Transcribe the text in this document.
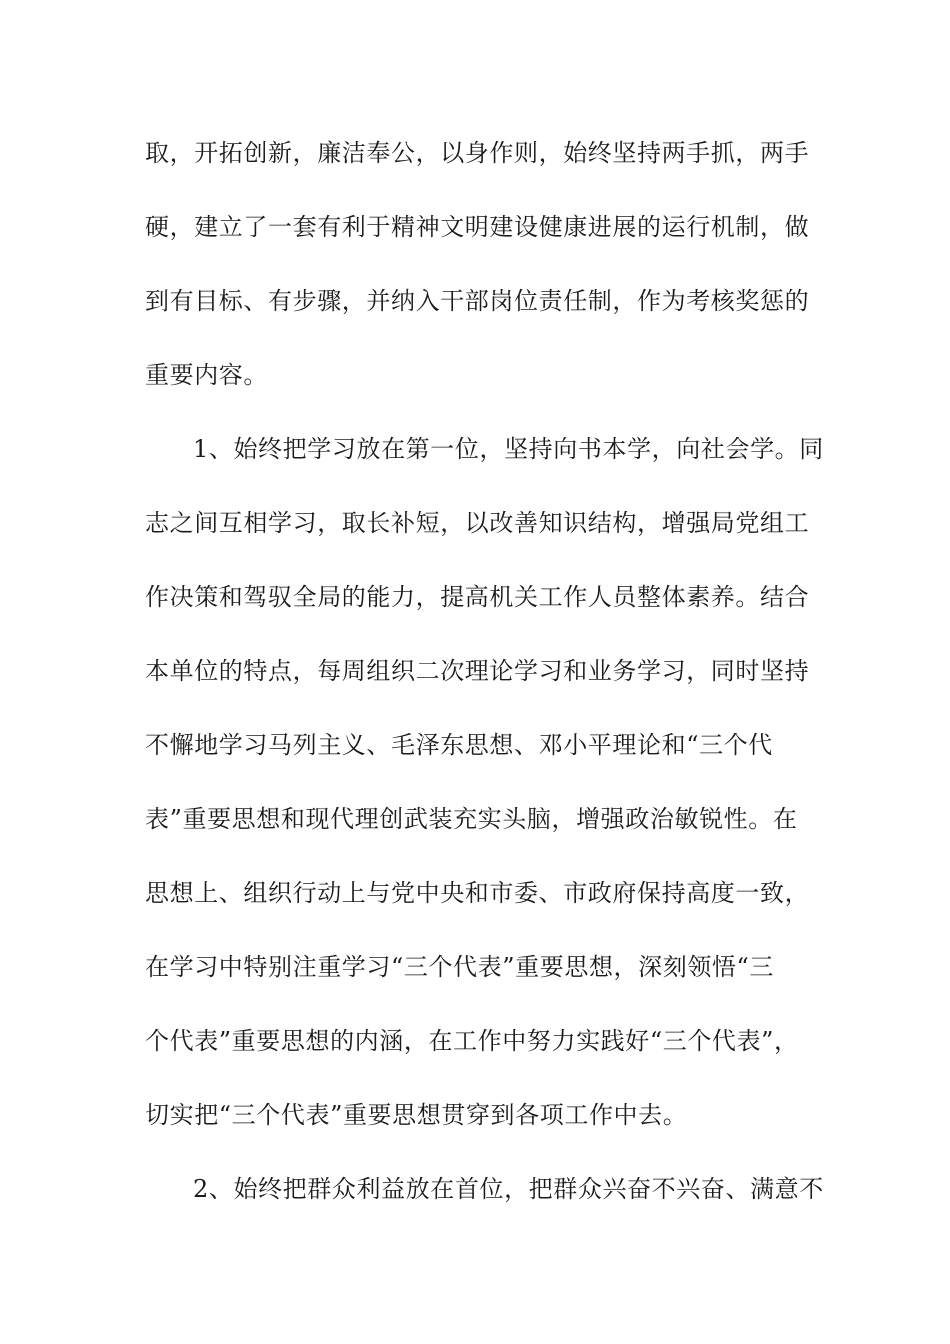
取，开拓创新，廉洁奉公，以身作则，始终坚持两手抓，两手
硬，建立了一套有利于精神文明建设健康进展的运行机制，做
到有目标、有步骤，并纳入干部岗位责任制，作为考核奖惩的
重要内容。
1、始终把学习放在第一位，坚持向书本学，向社会学。同
志之间互相学习，取长补短，以改善知识结构，增强局党组工
作决策和驾驭全局的能力，提高机关工作人员整体素养。结合
本单位的特点，每周组织二次理论学习和业务学习，同时坚持
不懈地学习马列主义、毛泽东思想、邓小平理论和“三个代
表”重要思想和现代理创武装充实头脑，增强政治敏锐性。在
思想上、组织行动上与党中央和市委、市政府保持高度一致，
在学习中特别注重学习“三个代表”重要思想，深刻领悟“三
个代表”重要思想的内涵，在工作中努力实践好“三个代表”，
切实把“三个代表”重要思想贯穿到各项工作中去。
2、始终把群众利益放在首位，把群众兴奋不兴奋、满意不
